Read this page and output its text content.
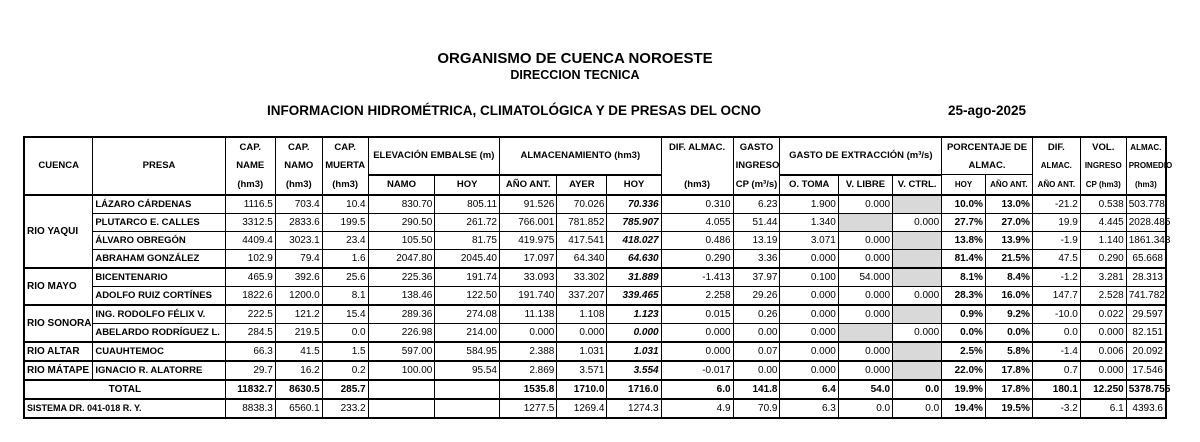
ORGANISMO DE CUENCA NOROESTE
DIRECCION TECNICA
INFORMACION HIDROMÉTRICA, CLIMATOLÓGICA Y DE PRESAS DEL OCNO	25-ago-2025
		CAP.	CAP.	CAP.	ELEVACIÓN EMBALSE (m)		ALMACENAMIENTO (hm3)			DIF. ALMAC.	GASTO	GASTO DE EXTRACCIÓN (m³/s)			PORCENTAJE DE		DIF.	VOL.	ALMAC.
CUENCA	PRESA	NAME	NAMO	MUERTA							INGRESO				ALMAC.		ALMAC.	INGRESO	PROMEDIO
		(hm3)	(hm3)	(hm3)	NAMO	HOY	AÑO ANT.	AYER	HOY	(hm3)	CP (m³/s)	O. TOMA	V. LIBRE	V. CTRL.	HOY	AÑO ANT.	AÑO ANT.	CP (hm3)	(hm3)
RIO YAQUI	LÁZARO CÁRDENAS	1116.5	703.4	10.4	830.70	805.11	91.526	70.026	70.336	0.310	6.23	1.900	0.000		10.0%	13.0%	-21.2	0.538	503.778
	PLUTARCO E. CALLES	3312.5	2833.6	199.5	290.50	261.72	766.001	781.852	785.907	4.055	51.44	1.340		0.000	27.7%	27.0%	19.9	4.445	2028.485
	ÁLVARO OBREGÓN	4409.4	3023.1	23.4	105.50	81.75	419.975	417.541	418.027	0.486	13.19	3.071	0.000		13.8%	13.9%	-1.9	1.140	1861.343
	ABRAHAM GONZÁLEZ	102.9	79.4	1.6	2047.80	2045.40	17.097	64.340	64.630	0.290	3.36	0.000	0.000		81.4%	21.5%	47.5	0.290	65.668
RIO MAYO	BICENTENARIO	465.9	392.6	25.6	225.36	191.74	33.093	33.302	31.889	-1.413	37.97	0.100	54.000		8.1%	8.4%	-1.2	3.281	28.313
	ADOLFO RUIZ CORTÍNES	1822.6	1200.0	8.1	138.46	122.50	191.740	337.207	339.465	2.258	29.26	0.000	0.000	0.000	28.3%	16.0%	147.7	2.528	741.782
RIO SONORA	ING. RODOLFO FÉLIX V.	222.5	121.2	15.4	289.36	274.08	11.138	1.108	1.123	0.015	0.26	0.000	0.000		0.9%	9.2%	-10.0	0.022	29.597
	ABELARDO RODRÍGUEZ L.	284.5	219.5	0.0	226.98	214.00	0.000	0.000	0.000	0.000	0.00	0.000		0.000	0.0%	0.0%	0.0	0.000	82.151
RIO ALTAR	CUAUHTEMOC	66.3	41.5	1.5	597.00	584.95	2.388	1.031	1.031	0.000	0.07	0.000	0.000		2.5%	5.8%	-1.4	0.006	20.092
RIO MÁTAPE	IGNACIO R. ALATORRE	29.7	16.2	0.2	100.00	95.54	2.869	3.571	3.554	-0.017	0.00	0.000	0.000		22.0%	17.8%	0.7	0.000	17.546
TOTAL		11832.7	8630.5	285.7			1535.8	1710.0	1716.0	6.0	141.8	6.4	54.0	0.0	19.9%	17.8%	180.1	12.250	5378.755
SISTEMA DR. 041-018 R. Y.		8838.3	6560.1	233.2			1277.5	1269.4	1274.3	4.9	70.9	6.3	0.0	0.0	19.4%	19.5%	-3.2	6.1	4393.6
